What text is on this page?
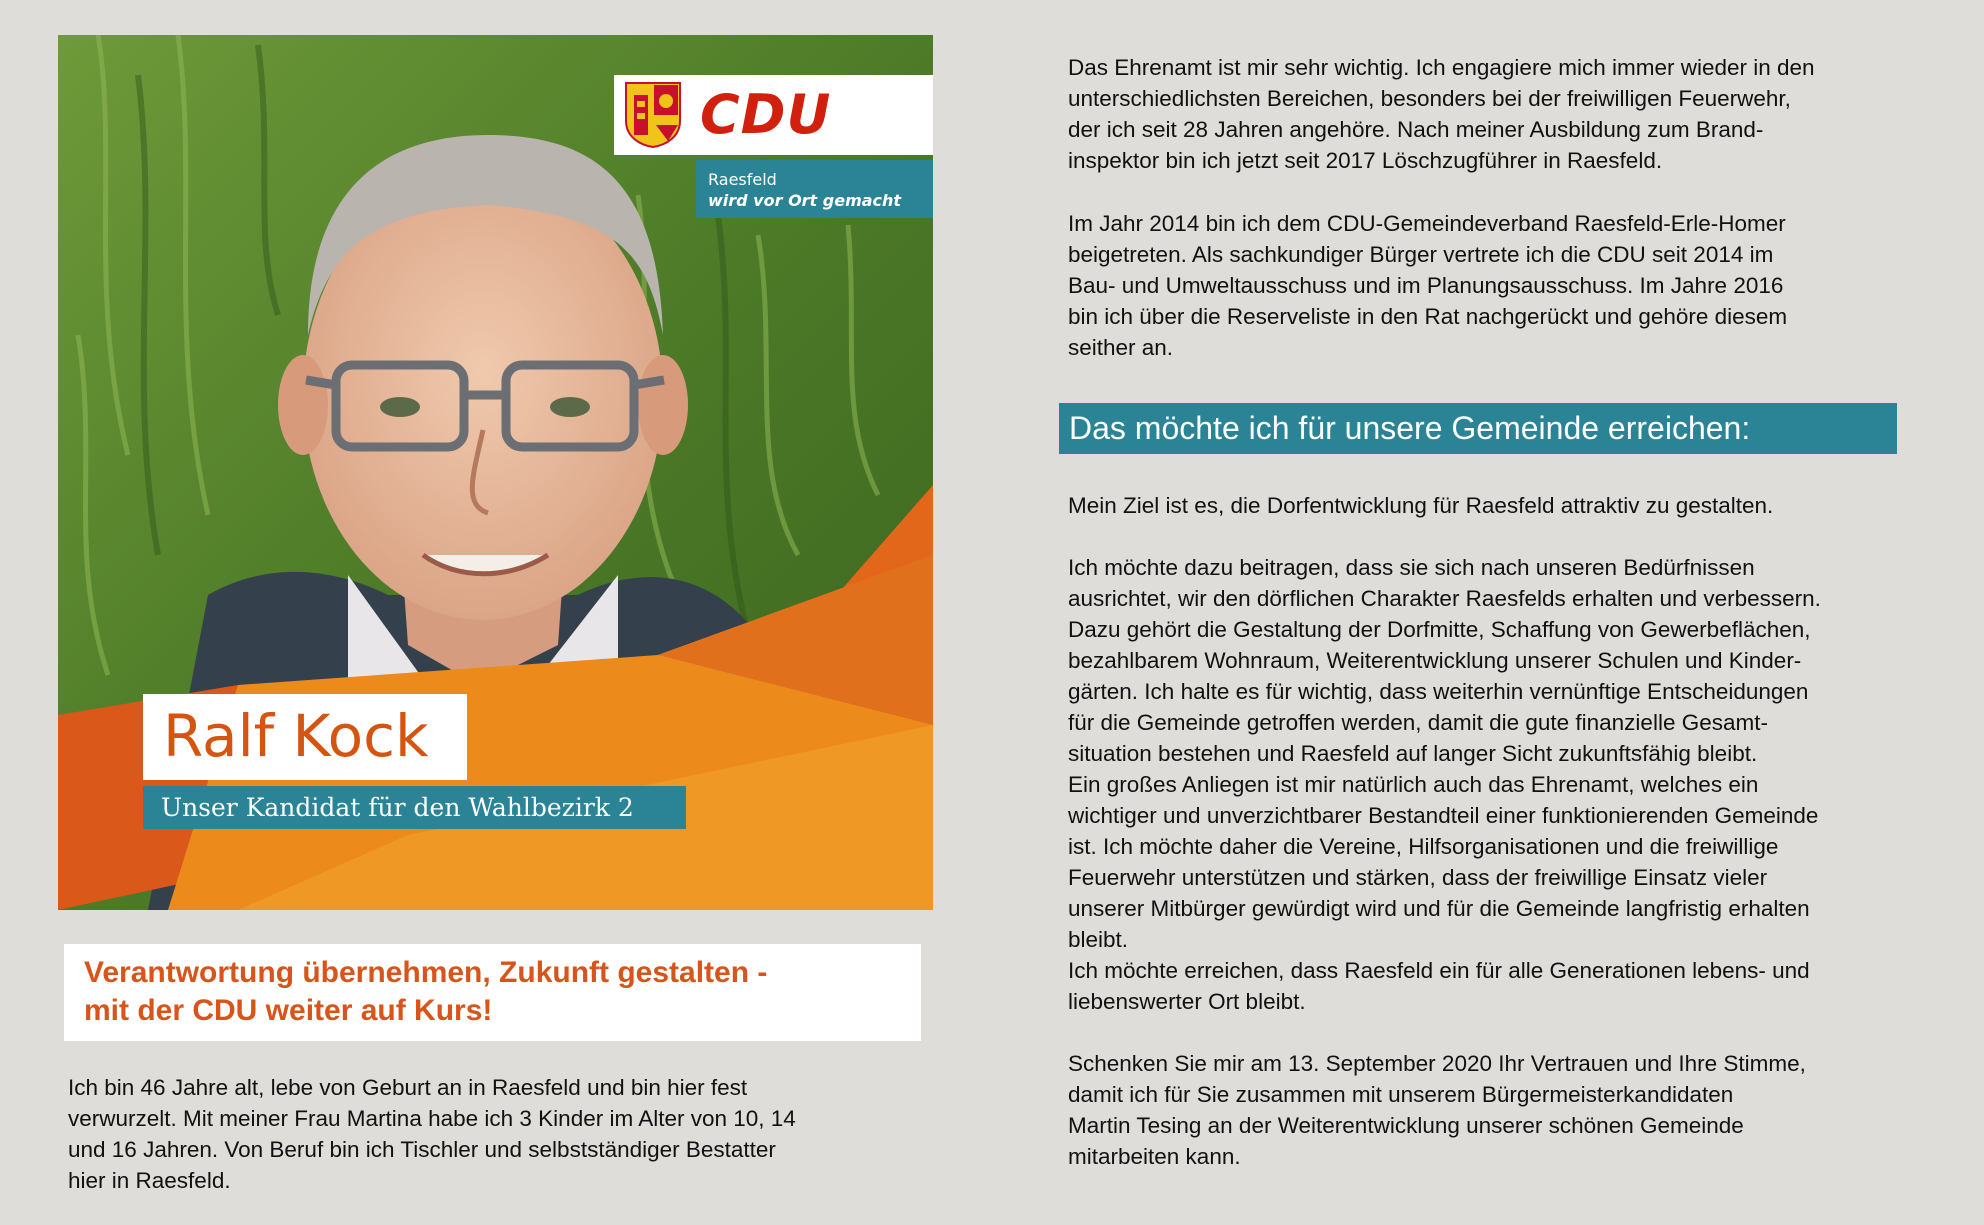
CDU
Raesfeld
wird vor Ort gemacht
Ralf Kock
Unser Kandidat für den Wahlbezirk 2
Verantwortung übernehmen, Zukunft gestalten -
mit der CDU weiter auf Kurs!
Ich bin 46 Jahre alt, lebe von Geburt an in Raesfeld und bin hier fest
verwurzelt. Mit meiner Frau Martina habe ich 3 Kinder im Alter von 10, 14
und 16 Jahren. Von Beruf bin ich Tischler und selbstständiger Bestatter
hier in Raesfeld.

Das Ehrenamt ist mir sehr wichtig. Ich engagiere mich immer wieder in den

unterschiedlichsten Bereichen, besonders bei der freiwilligen Feuerwehr,

der ich seit 28 Jahren angehöre. Nach meiner Ausbildung zum Brand-

inspektor bin ich jetzt seit 2017 Löschzugführer in Raesfeld.

Im Jahr 2014 bin ich dem CDU-Gemeindeverband Raesfeld-Erle-Homer

beigetreten. Als sachkundiger Bürger vertrete ich die CDU seit 2014 im

Bau- und Umweltausschuss und im Planungsausschuss. Im Jahre 2016

bin ich über die Reserveliste in den Rat nachgerückt und gehöre diesem

seither an.

Das möchte ich für unsere Gemeinde erreichen:

Mein Ziel ist es, die Dorfentwicklung für Raesfeld attraktiv zu gestalten.

Ich möchte dazu beitragen, dass sie sich nach unseren Bedürfnissen

ausrichtet, wir den dörflichen Charakter Raesfelds erhalten und verbessern.

Dazu gehört die Gestaltung der Dorfmitte, Schaffung von Gewerbeflächen,

bezahlbarem Wohnraum, Weiterentwicklung unserer Schulen und Kinder-

gärten. Ich halte es für wichtig, dass weiterhin vernünftige Entscheidungen

für die Gemeinde getroffen werden, damit die gute finanzielle Gesamt-

situation bestehen und Raesfeld auf langer Sicht zukunftsfähig bleibt.

Ein großes Anliegen ist mir natürlich auch das Ehrenamt, welches ein

wichtiger und unverzichtbarer Bestandteil einer funktionierenden Gemeinde

ist. Ich möchte daher die Vereine, Hilfsorganisationen und die freiwillige

Feuerwehr unterstützen und stärken, dass der freiwillige Einsatz vieler

unserer Mitbürger gewürdigt wird und für die Gemeinde langfristig erhalten

bleibt.

Ich möchte erreichen, dass Raesfeld ein für alle Generationen lebens- und

liebenswerter Ort bleibt.

Schenken Sie mir am 13. September 2020 Ihr Vertrauen und Ihre Stimme,

damit ich für Sie zusammen mit unserem Bürgermeisterkandidaten

Martin Tesing an der Weiterentwicklung unserer schönen Gemeinde

mitarbeiten kann.
